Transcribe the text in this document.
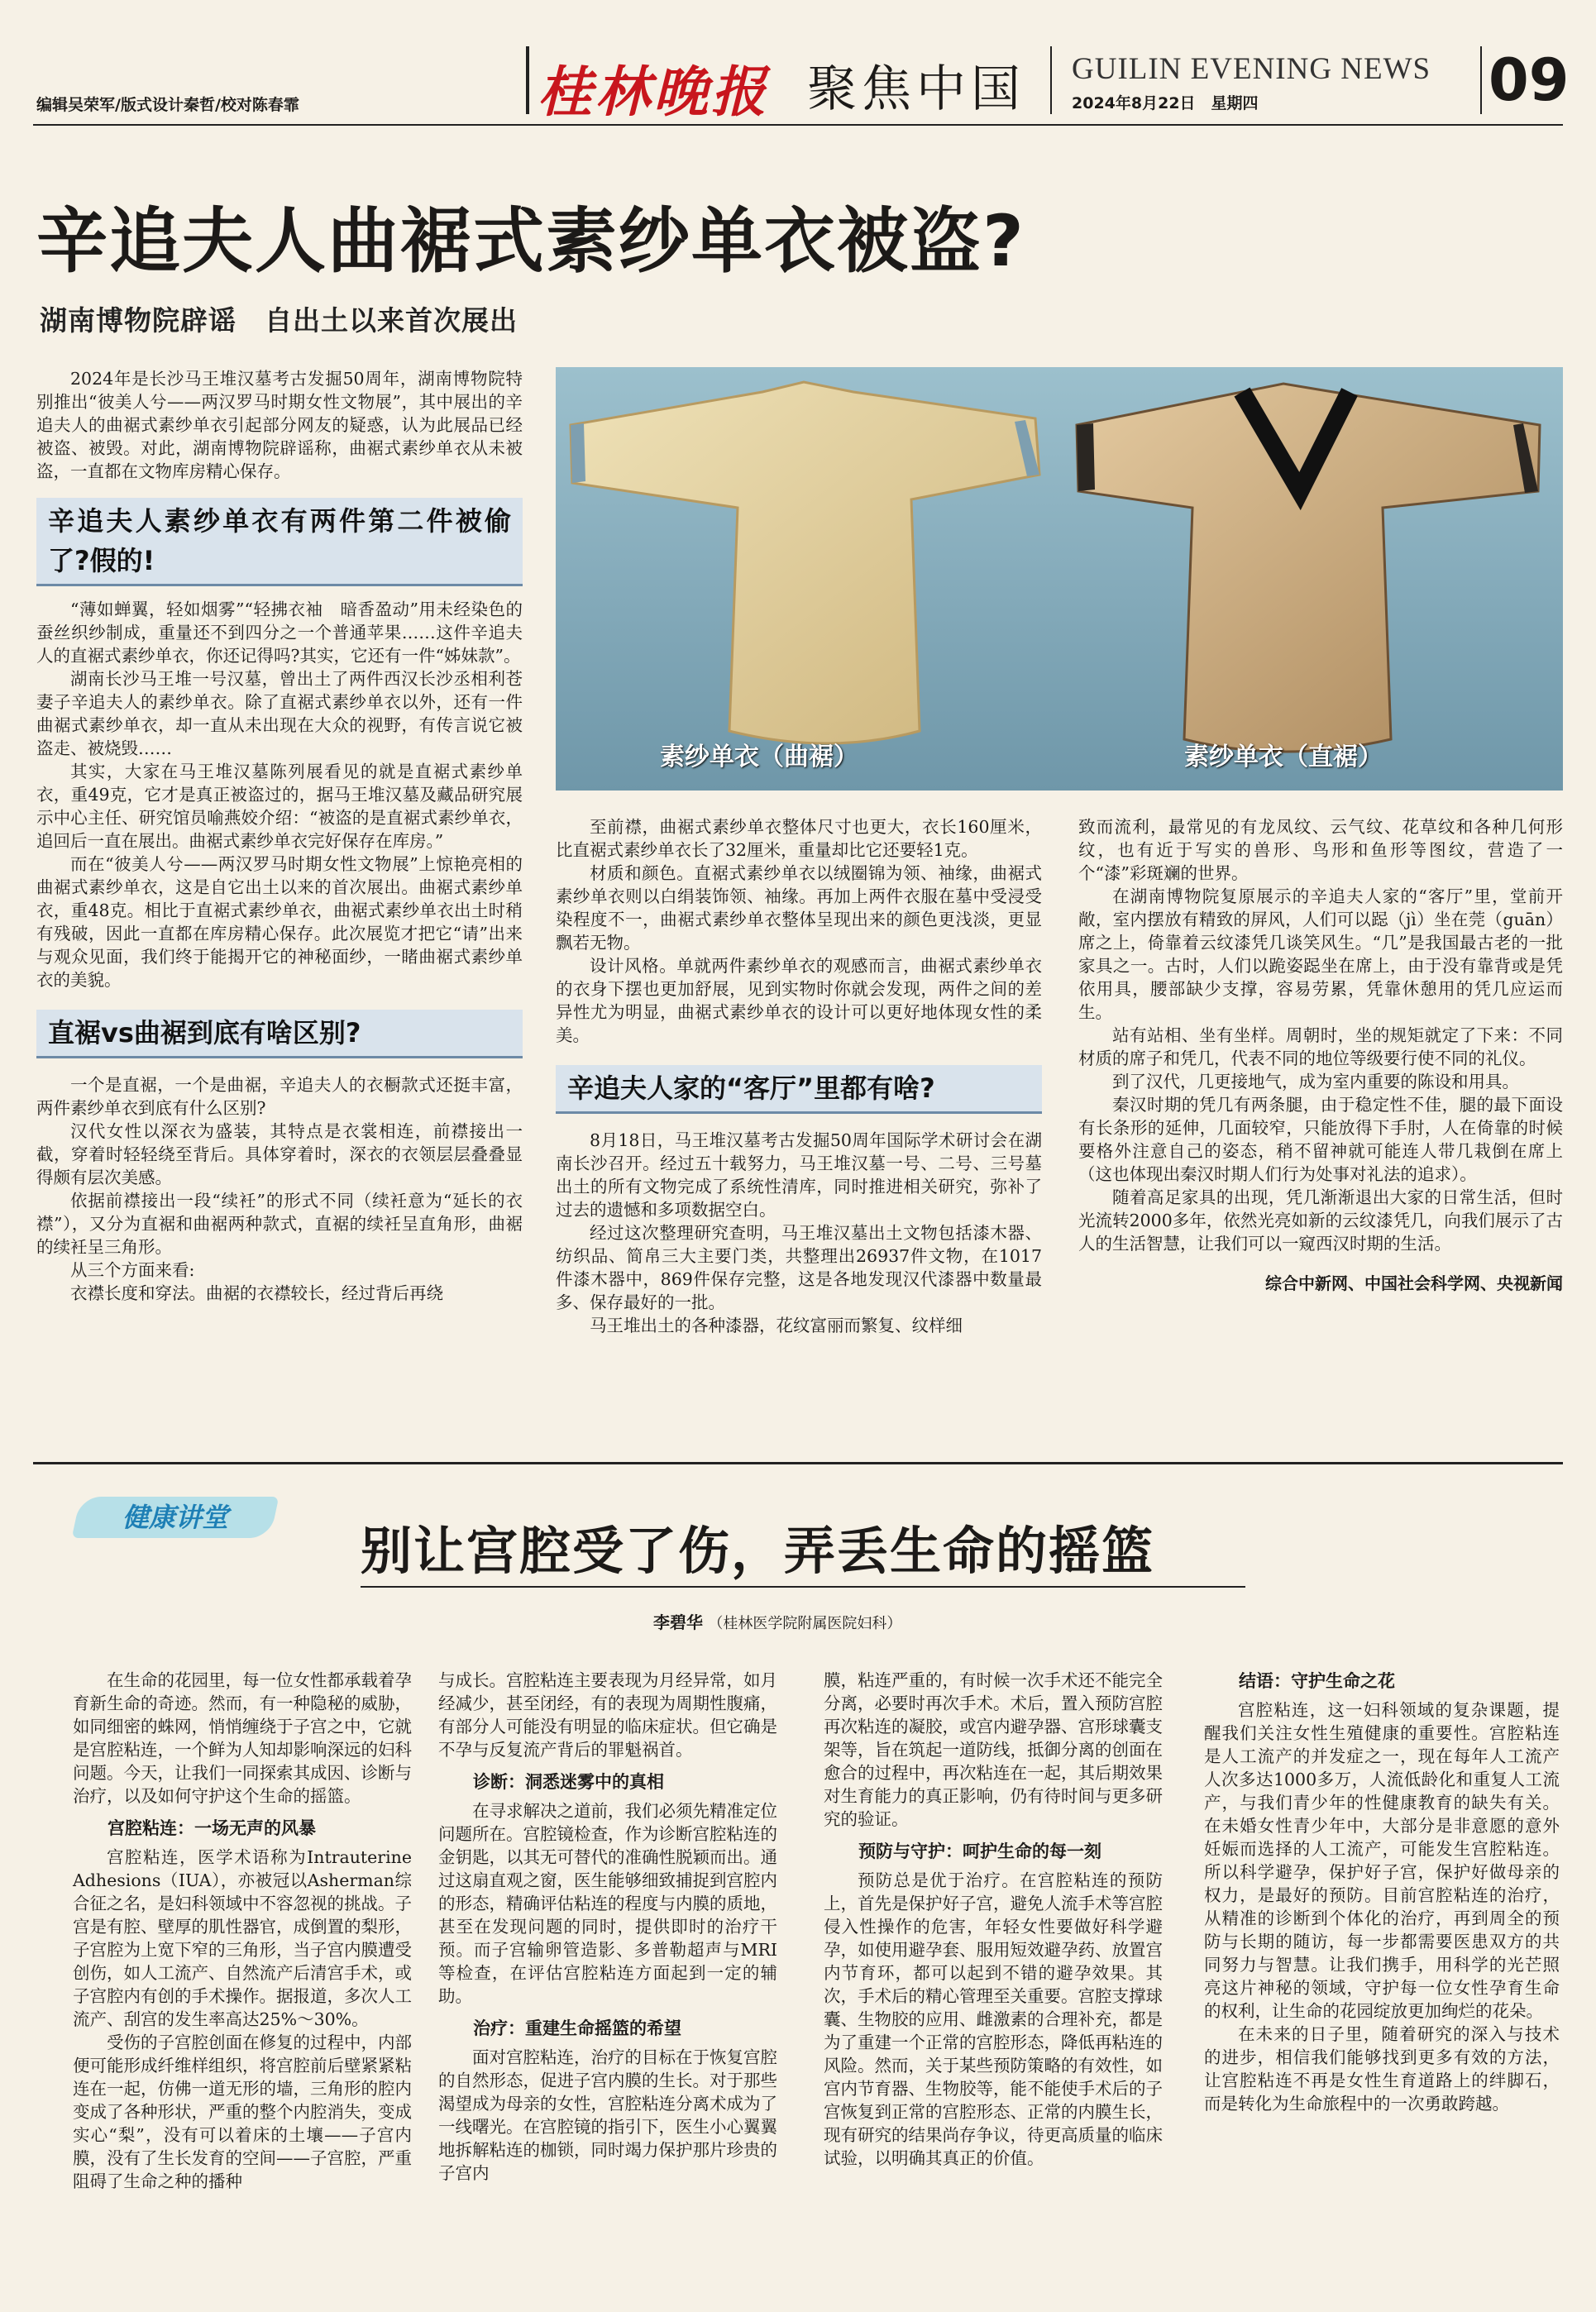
编辑吴荣军/版式设计秦哲/校对陈春霏	桂林晚报 聚焦中国 GUILIN EVENING NEWS
2024年8月22日　星期四	09
辛追夫人曲裾式素纱单衣被盗?
湖南博物院辟谣　自出土以来首次展出

2024年是长沙马王堆汉墓考古发掘50周年，湖南博物院特别推出“彼美人兮——两汉罗马时期女性文物展”，其中展出的辛追夫人的曲裾式素纱单衣引起部分网友的疑惑，认为此展品已经被盗、被毁。对此，湖南博物院辟谣称，曲裾式素纱单衣从未被盗，一直都在文物库房精心保存。

辛追夫人素纱单衣有两件第二件被偷了?假的!

“薄如蝉翼，轻如烟雾”“轻拂衣袖　暗香盈动”用未经染色的蚕丝织纱制成，重量还不到四分之一个普通苹果……这件辛追夫人的直裾式素纱单衣，你还记得吗?其实，它还有一件“姊妹款”。

湖南长沙马王堆一号汉墓，曾出土了两件西汉长沙丞相利苍妻子辛追夫人的素纱单衣。除了直裾式素纱单衣以外，还有一件曲裾式素纱单衣，却一直从未出现在大众的视野，有传言说它被盗走、被烧毁……

其实，大家在马王堆汉墓陈列展看见的就是直裾式素纱单衣，重49克，它才是真正被盗过的，据马王堆汉墓及藏品研究展示中心主任、研究馆员喻燕姣介绍：“被盗的是直裾式素纱单衣，追回后一直在展出。曲裾式素纱单衣完好保存在库房。”

而在“彼美人兮——两汉罗马时期女性文物展”上惊艳亮相的曲裾式素纱单衣，这是自它出土以来的首次展出。曲裾式素纱单衣，重48克。相比于直裾式素纱单衣，曲裾式素纱单衣出土时稍有残破，因此一直都在库房精心保存。此次展览才把它“请”出来与观众见面，我们终于能揭开它的神秘面纱，一睹曲裾式素纱单衣的美貌。

直裾vs曲裾到底有啥区别?

一个是直裾，一个是曲裾，辛追夫人的衣橱款式还挺丰富，两件素纱单衣到底有什么区别?

汉代女性以深衣为盛装，其特点是衣裳相连，前襟接出一截，穿着时轻轻绕至背后。具体穿着时，深衣的衣领层层叠叠显得颇有层次美感。

依据前襟接出一段“续衽”的形式不同（续衽意为“延长的衣襟”），又分为直裾和曲裾两种款式，直裾的续衽呈直角形，曲裾的续衽呈三角形。

从三个方面来看:

衣襟长度和穿法。曲裾的衣襟较长，经过背后再绕

素纱单衣（曲裾）	素纱单衣（直裾）

至前襟，曲裾式素纱单衣整体尺寸也更大，衣长160厘米，比直裾式素纱单衣长了32厘米，重量却比它还要轻1克。

材质和颜色。直裾式素纱单衣以绒圈锦为领、袖缘，曲裾式素纱单衣则以白绢装饰领、袖缘。再加上两件衣服在墓中受浸受染程度不一，曲裾式素纱单衣整体呈现出来的颜色更浅淡，更显飘若无物。

设计风格。单就两件素纱单衣的观感而言，曲裾式素纱单衣的衣身下摆也更加舒展，见到实物时你就会发现，两件之间的差异性尤为明显，曲裾式素纱单衣的设计可以更好地体现女性的柔美。

辛追夫人家的“客厅”里都有啥?

8月18日，马王堆汉墓考古发掘50周年国际学术研讨会在湖南长沙召开。经过五十载努力，马王堆汉墓一号、二号、三号墓出土的所有文物完成了系统性清库，同时推进相关研究，弥补了过去的遗憾和多项数据空白。

经过这次整理研究查明，马王堆汉墓出土文物包括漆木器、纺织品、简帛三大主要门类，共整理出26937件文物，在1017件漆木器中，869件保存完整，这是各地发现汉代漆器中数量最多、保存最好的一批。

马王堆出土的各种漆器，花纹富丽而繁复、纹样细

致而流利，最常见的有龙凤纹、云气纹、花草纹和各种几何形纹，也有近于写实的兽形、鸟形和鱼形等图纹，营造了一个“漆”彩斑斓的世界。

在湖南博物院复原展示的辛追夫人家的“客厅”里，堂前开敞，室内摆放有精致的屏风，人们可以跽（jì）坐在莞（guān）席之上，倚靠着云纹漆凭几谈笑风生。“几”是我国最古老的一批家具之一。古时，人们以跪姿跽坐在席上，由于没有靠背或是凭依用具，腰部缺少支撑，容易劳累，凭靠休憩用的凭几应运而生。

站有站相、坐有坐样。周朝时，坐的规矩就定了下来：不同材质的席子和凭几，代表不同的地位等级要行使不同的礼仪。

到了汉代，几更接地气，成为室内重要的陈设和用具。

秦汉时期的凭几有两条腿，由于稳定性不佳，腿的最下面设有长条形的延伸，几面较窄，只能放得下手肘，人在倚靠的时候要格外注意自己的姿态，稍不留神就可能连人带几栽倒在席上（这也体现出秦汉时期人们行为处事对礼法的追求）。

随着高足家具的出现，凭几渐渐退出大家的日常生活，但时光流转2000多年，依然光亮如新的云纹漆凭几，向我们展示了古人的生活智慧，让我们可以一窥西汉时期的生活。

综合中新网、中国社会科学网、央视新闻
健康讲堂
别让宫腔受了伤，弄丢生命的摇篮
李碧华 （桂林医学院附属医院妇科）

在生命的花园里，每一位女性都承载着孕育新生命的奇迹。然而，有一种隐秘的威胁，如同细密的蛛网，悄悄缠绕于子宫之中，它就是宫腔粘连，一个鲜为人知却影响深远的妇科问题。今天，让我们一同探索其成因、诊断与治疗，以及如何守护这个生命的摇篮。

宫腔粘连：一场无声的风暴

宫腔粘连，医学术语称为Intrauterine Adhesions（IUA），亦被冠以Asherman综合征之名，是妇科领域中不容忽视的挑战。子宫是有腔、壁厚的肌性器官，成倒置的梨形，子宫腔为上宽下窄的三角形，当子宫内膜遭受创伤，如人工流产、自然流产后清宫手术，或子宫腔内有创的手术操作。据报道，多次人工流产、刮宫的发生率高达25%～30%。

受伤的子宫腔创面在修复的过程中，内部便可能形成纤维样组织，将宫腔前后壁紧紧粘连在一起，仿佛一道无形的墙，三角形的腔内变成了各种形状，严重的整个内腔消失，变成实心“梨”，没有可以着床的土壤——子宫内膜，没有了生长发育的空间——子宫腔，严重阻碍了生命之种的播种

与成长。宫腔粘连主要表现为月经异常，如月经减少，甚至闭经，有的表现为周期性腹痛，有部分人可能没有明显的临床症状。但它确是不孕与反复流产背后的罪魁祸首。

诊断：洞悉迷雾中的真相

在寻求解决之道前，我们必须先精准定位问题所在。宫腔镜检查，作为诊断宫腔粘连的金钥匙，以其无可替代的准确性脱颖而出。通过这扇直观之窗，医生能够细致捕捉到宫腔内的形态，精确评估粘连的程度与内膜的质地，甚至在发现问题的同时，提供即时的治疗干预。而子宫输卵管造影、多普勒超声与MRI等检查，在评估宫腔粘连方面起到一定的辅助。

治疗：重建生命摇篮的希望

面对宫腔粘连，治疗的目标在于恢复宫腔的自然形态，促进子宫内膜的生长。对于那些渴望成为母亲的女性，宫腔粘连分离术成为了一线曙光。在宫腔镜的指引下，医生小心翼翼地拆解粘连的枷锁，同时竭力保护那片珍贵的子宫内

膜，粘连严重的，有时候一次手术还不能完全分离，必要时再次手术。术后，置入预防宫腔再次粘连的凝胶，或宫内避孕器、宫形球囊支架等，旨在筑起一道防线，抵御分离的创面在愈合的过程中，再次粘连在一起，其后期效果对生育能力的真正影响，仍有待时间与更多研究的验证。

预防与守护：呵护生命的每一刻

预防总是优于治疗。在宫腔粘连的预防上，首先是保护好子宫，避免人流手术等宫腔侵入性操作的危害，年轻女性要做好科学避孕，如使用避孕套、服用短效避孕药、放置宫内节育环，都可以起到不错的避孕效果。其次，手术后的精心管理至关重要。宫腔支撑球囊、生物胶的应用、雌激素的合理补充，都是为了重建一个正常的宫腔形态，降低再粘连的风险。然而，关于某些预防策略的有效性，如宫内节育器、生物胶等，能不能使手术后的子宫恢复到正常的宫腔形态、正常的内膜生长，现有研究的结果尚存争议，待更高质量的临床试验，以明确其真正的价值。

结语：守护生命之花

宫腔粘连，这一妇科领域的复杂课题，提醒我们关注女性生殖健康的重要性。宫腔粘连是人工流产的并发症之一，现在每年人工流产人次多达1000多万，人流低龄化和重复人工流产，与我们青少年的性健康教育的缺失有关。在未婚女性青少年中，大部分是非意愿的意外妊娠而选择的人工流产，可能发生宫腔粘连。所以科学避孕，保护好子宫，保护好做母亲的权力，是最好的预防。目前宫腔粘连的治疗，从精准的诊断到个体化的治疗，再到周全的预防与长期的随访，每一步都需要医患双方的共同努力与智慧。让我们携手，用科学的光芒照亮这片神秘的领域，守护每一位女性孕育生命的权利，让生命的花园绽放更加绚烂的花朵。

在未来的日子里，随着研究的深入与技术的进步，相信我们能够找到更多有效的方法，让宫腔粘连不再是女性生育道路上的绊脚石，而是转化为生命旅程中的一次勇敢跨越。
